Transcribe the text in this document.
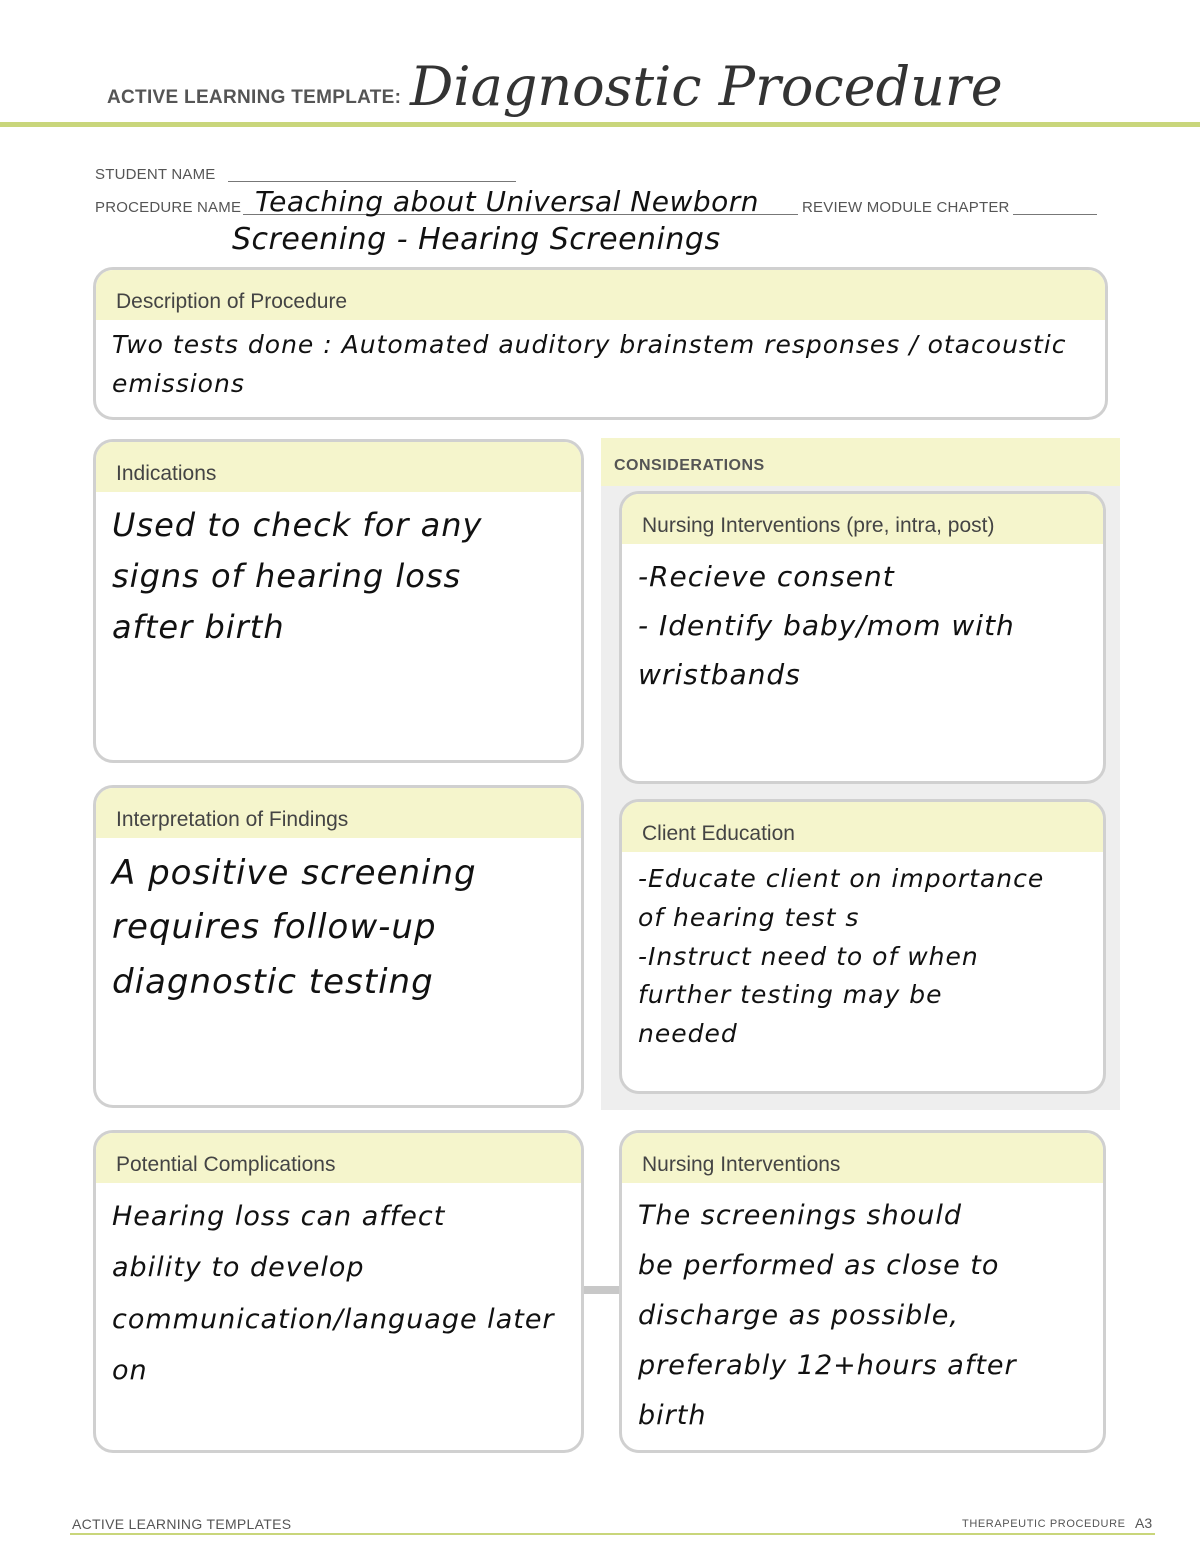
ACTIVE LEARNING TEMPLATE: Diagnostic Procedure
STUDENT NAME
PROCEDURE NAME Teaching about Universal Newborn
Screening - Hearing Screenings
REVIEW MODULE CHAPTER
Description of Procedure
Two tests done : Automated auditory brainstem responses / otacoustic
emissions
Indications
Used to check for any
signs of hearing loss
after birth
CONSIDERATIONS
Nursing Interventions (pre, intra, post)
-Recieve consent
- Identify baby/mom with
wristbands
Interpretation of Findings
A positive screening
requires follow-up
diagnostic testing
Client Education
-Educate client on importance
of hearing test s
-Instruct need to of when
further testing may be
needed
Potential Complications
Hearing loss can affect
ability to develop
communication/language later
on
Nursing Interventions
The screenings should
be performed as close to
discharge as possible,
preferably 12+hours after
birth
ACTIVE LEARNING TEMPLATES	THERAPEUTIC PROCEDURE A3
